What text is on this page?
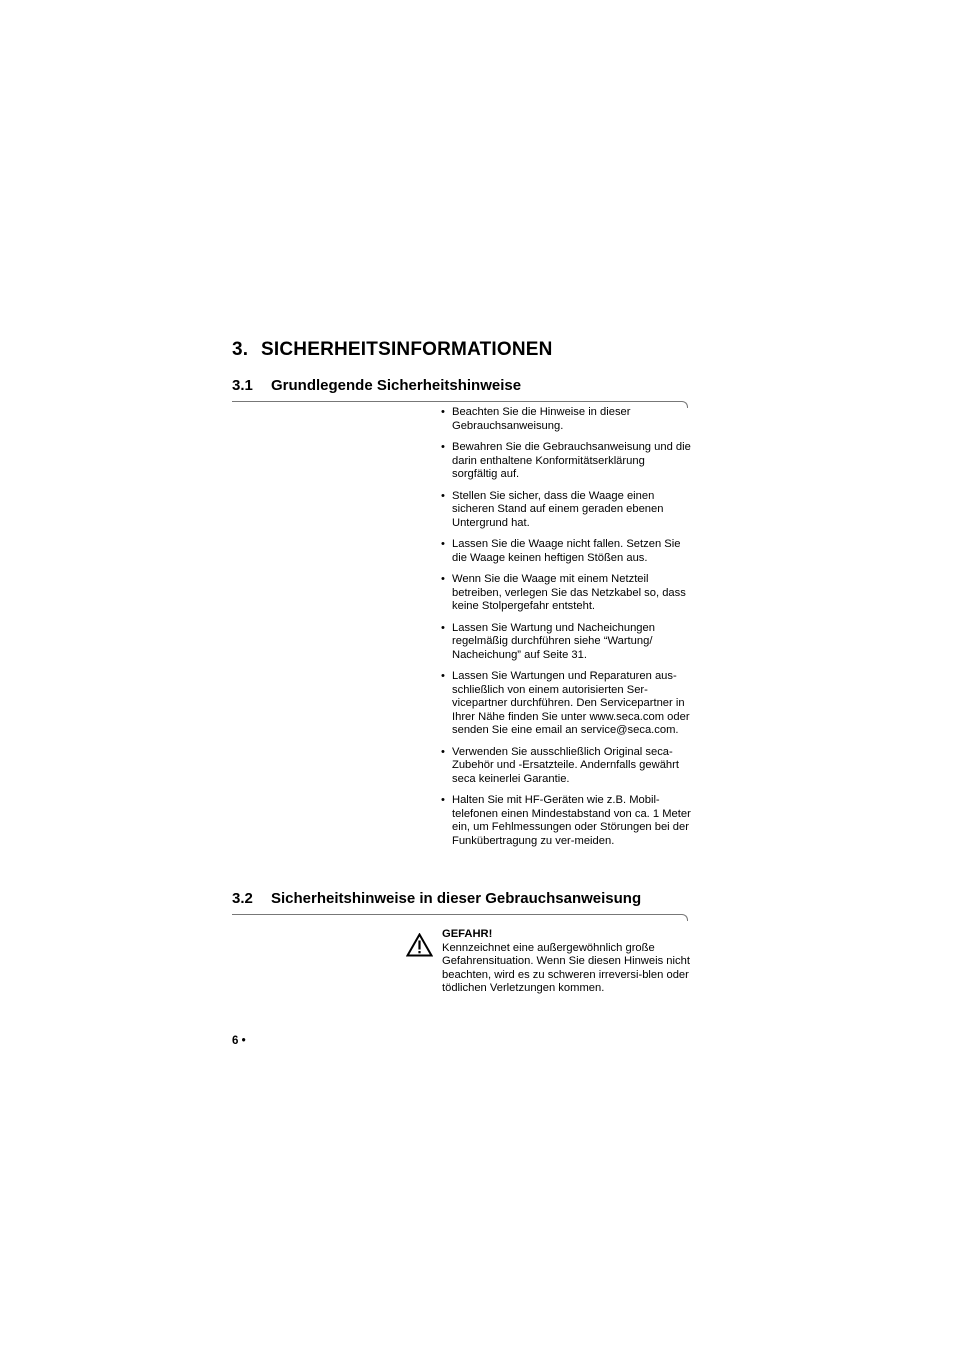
3. SICHERHEITSINFORMATIONEN
3.1 Grundlegende Sicherheitshinweise
• Beachten Sie die Hinweise in dieser Gebrauchsanweisung.
• Bewahren Sie die Gebrauchsanweisung und die darin enthaltene Konformitätserklärung sorgfältig auf.
• Stellen Sie sicher, dass die Waage einen sicheren Stand auf einem geraden ebenen Untergrund hat.
• Lassen Sie die Waage nicht fallen. Setzen Sie die Waage keinen heftigen Stößen aus.
• Wenn Sie die Waage mit einem Netzteil betreiben, verlegen Sie das Netzkabel so, dass keine Stolpergefahr entsteht.
• Lassen Sie Wartung und Nacheichungen regelmäßig durchführen siehe “Wartung/ Nacheichung” auf Seite 31.
• Lassen Sie Wartungen und Reparaturen aus-schließlich von einem autorisierten Ser-vicepartner durchführen. Den Servicepartner in Ihrer Nähe finden Sie unter www.seca.com oder senden Sie eine email an service@seca.com.
• Verwenden Sie ausschließlich Original seca-Zubehör und -Ersatzteile. Andernfalls gewährt seca keinerlei Garantie.
• Halten Sie mit HF-Geräten wie z.B. Mobil-telefonen einen Mindestabstand von ca. 1 Meter ein, um Fehlmessungen oder Störungen bei der Funkübertragung zu ver-meiden.
3.2 Sicherheitshinweise in dieser Gebrauchsanweisung
GEFAHR!
Kennzeichnet eine außergewöhnlich große Gefahrensituation. Wenn Sie diesen Hinweis nicht beachten, wird es zu schweren irreversi-blen oder tödlichen Verletzungen kommen.
6 •
